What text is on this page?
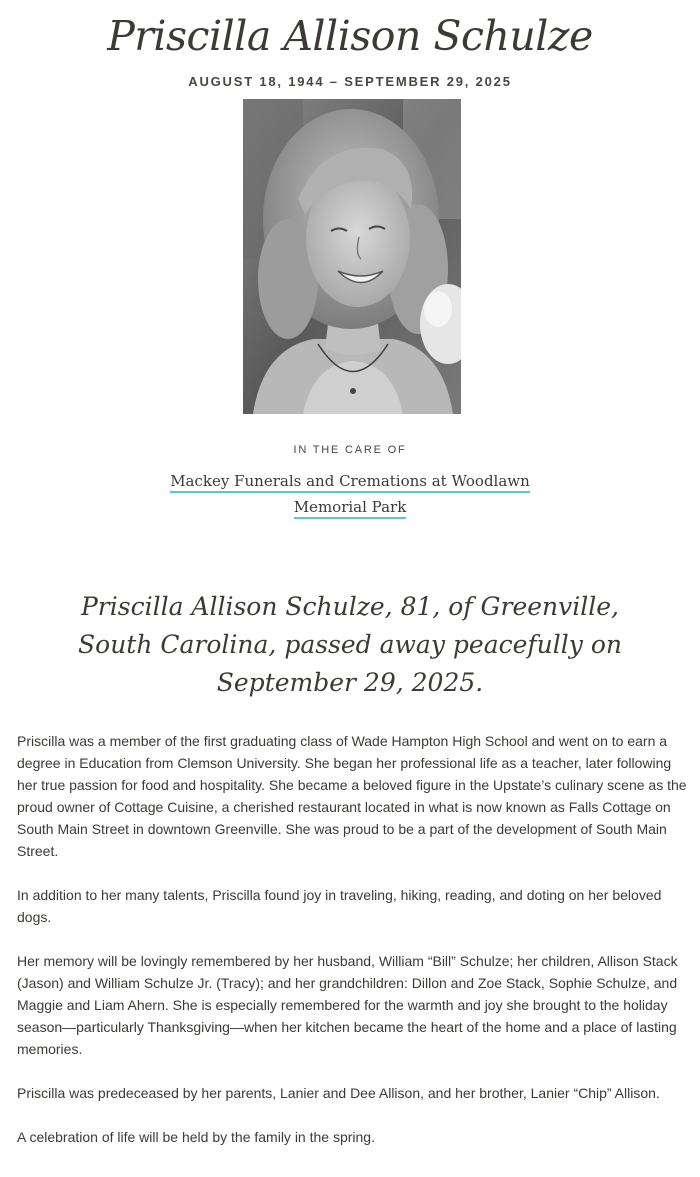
Priscilla Allison Schulze
AUGUST 18, 1944 – SEPTEMBER 29, 2025
IN THE CARE OF
Mackey Funerals and Cremations at Woodlawn
Memorial Park
Priscilla Allison Schulze, 81, of Greenville, South Carolina, passed away peacefully on September 29, 2025.

Priscilla was a member of the first graduating class of Wade Hampton High School and went on to earn a degree in Education from Clemson University. She began her professional life as a teacher, later following her true passion for food and hospitality. She became a beloved figure in the Upstate’s culinary scene as the proud owner of Cottage Cuisine, a cherished restaurant located in what is now known as Falls Cottage on South Main Street in downtown Greenville. She was proud to be a part of the development of South Main Street.

In addition to her many talents, Priscilla found joy in traveling, hiking, reading, and doting on her beloved dogs.

Her memory will be lovingly remembered by her husband, William “Bill” Schulze; her children, Allison Stack (Jason) and William Schulze Jr. (Tracy); and her grandchildren: Dillon and Zoe Stack, Sophie Schulze, and Maggie and Liam Ahern. She is especially remembered for the warmth and joy she brought to the holiday season—particularly Thanksgiving—when her kitchen became the heart of the home and a place of lasting memories.

Priscilla was predeceased by her parents, Lanier and Dee Allison, and her brother, Lanier “Chip” Allison.

A celebration of life will be held by the family in the spring.
